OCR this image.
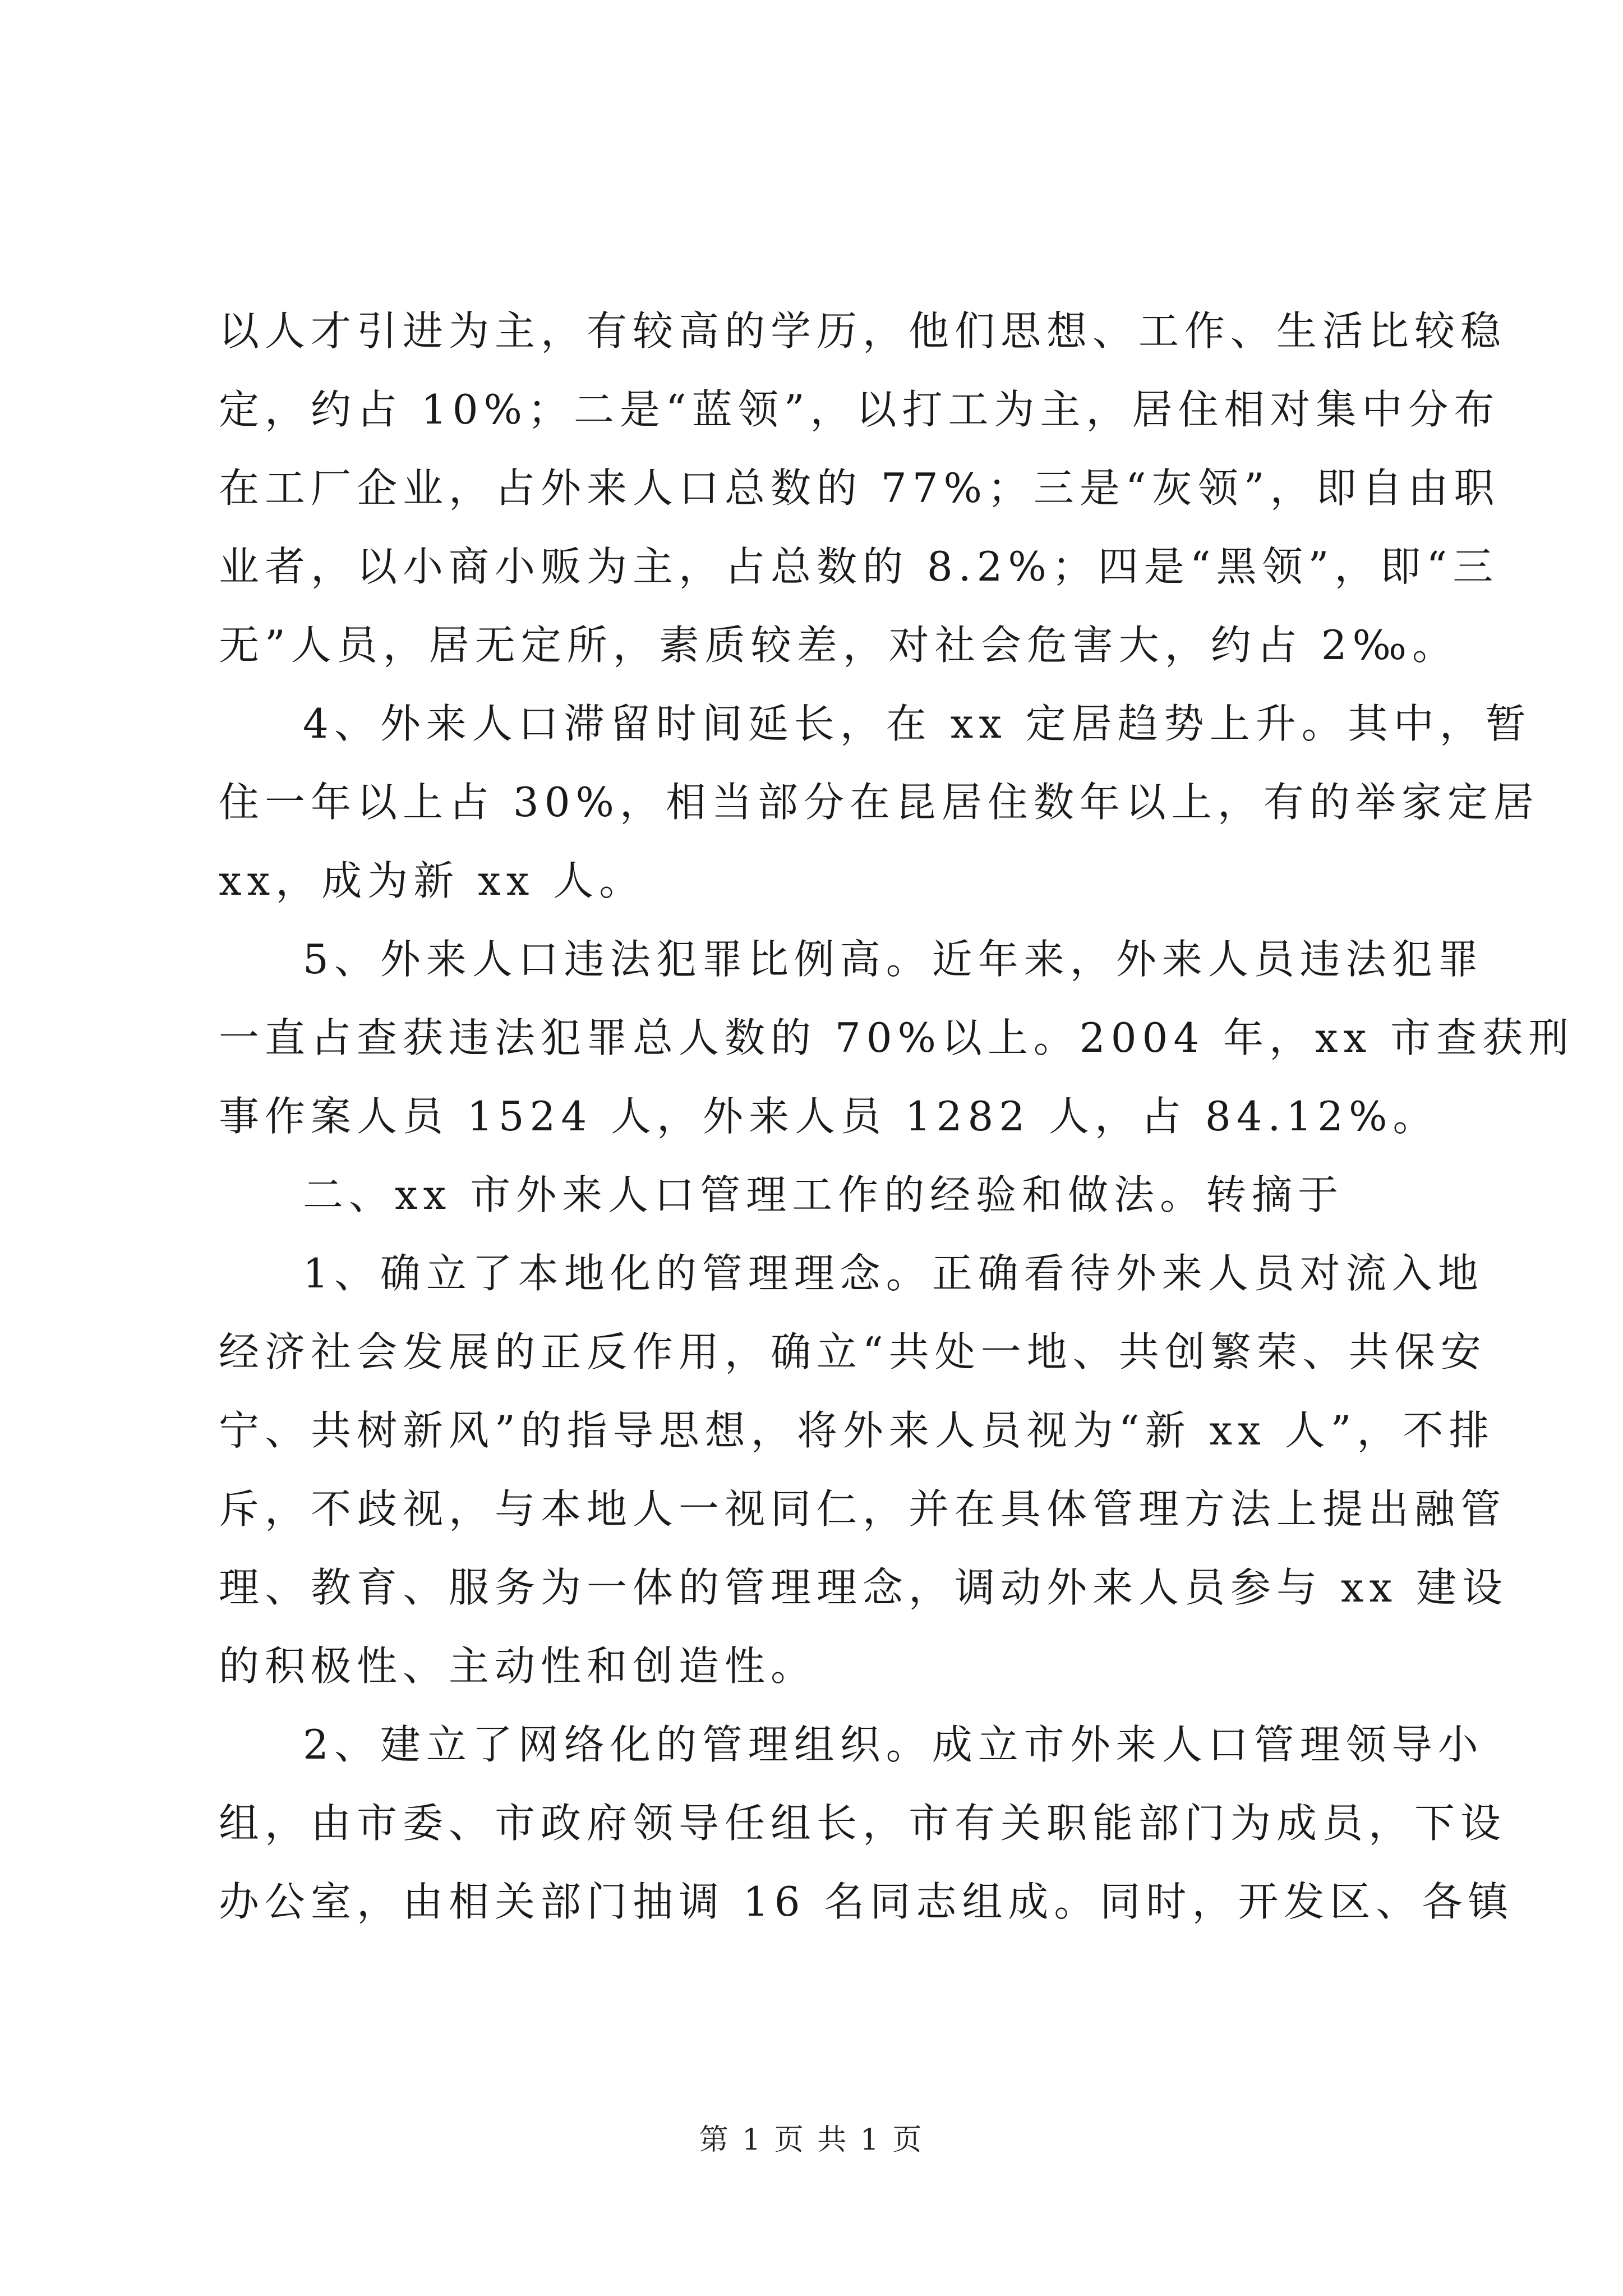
以人才引进为主，有较高的学历，他们思想、工作、生活比较稳
定，约占 10%；二是“蓝领”，以打工为主，居住相对集中分布
在工厂企业，占外来人口总数的 77%；三是“灰领”，即自由职
业者，以小商小贩为主，占总数的 8.2%；四是“黑领”，即“三
无”人员，居无定所，素质较差，对社会危害大，约占 2‰。
4、外来人口滞留时间延长，在 xx 定居趋势上升。其中，暂
住一年以上占 30%，相当部分在昆居住数年以上，有的举家定居
xx，成为新 xx 人。
5、外来人口违法犯罪比例高。近年来，外来人员违法犯罪
一直占查获违法犯罪总人数的 70%以上。2004 年，xx 市查获刑
事作案人员 1524 人，外来人员 1282 人，占 84.12%。
二、xx 市外来人口管理工作的经验和做法。转摘于
1、确立了本地化的管理理念。正确看待外来人员对流入地
经济社会发展的正反作用，确立“共处一地、共创繁荣、共保安
宁、共树新风”的指导思想，将外来人员视为“新 xx 人”，不排
斥，不歧视，与本地人一视同仁，并在具体管理方法上提出融管
理、教育、服务为一体的管理理念，调动外来人员参与 xx 建设
的积极性、主动性和创造性。
2、建立了网络化的管理组织。成立市外来人口管理领导小
组，由市委、市政府领导任组长，市有关职能部门为成员，下设
办公室，由相关部门抽调 16 名同志组成。同时，开发区、各镇
第 1 页 共 1 页
